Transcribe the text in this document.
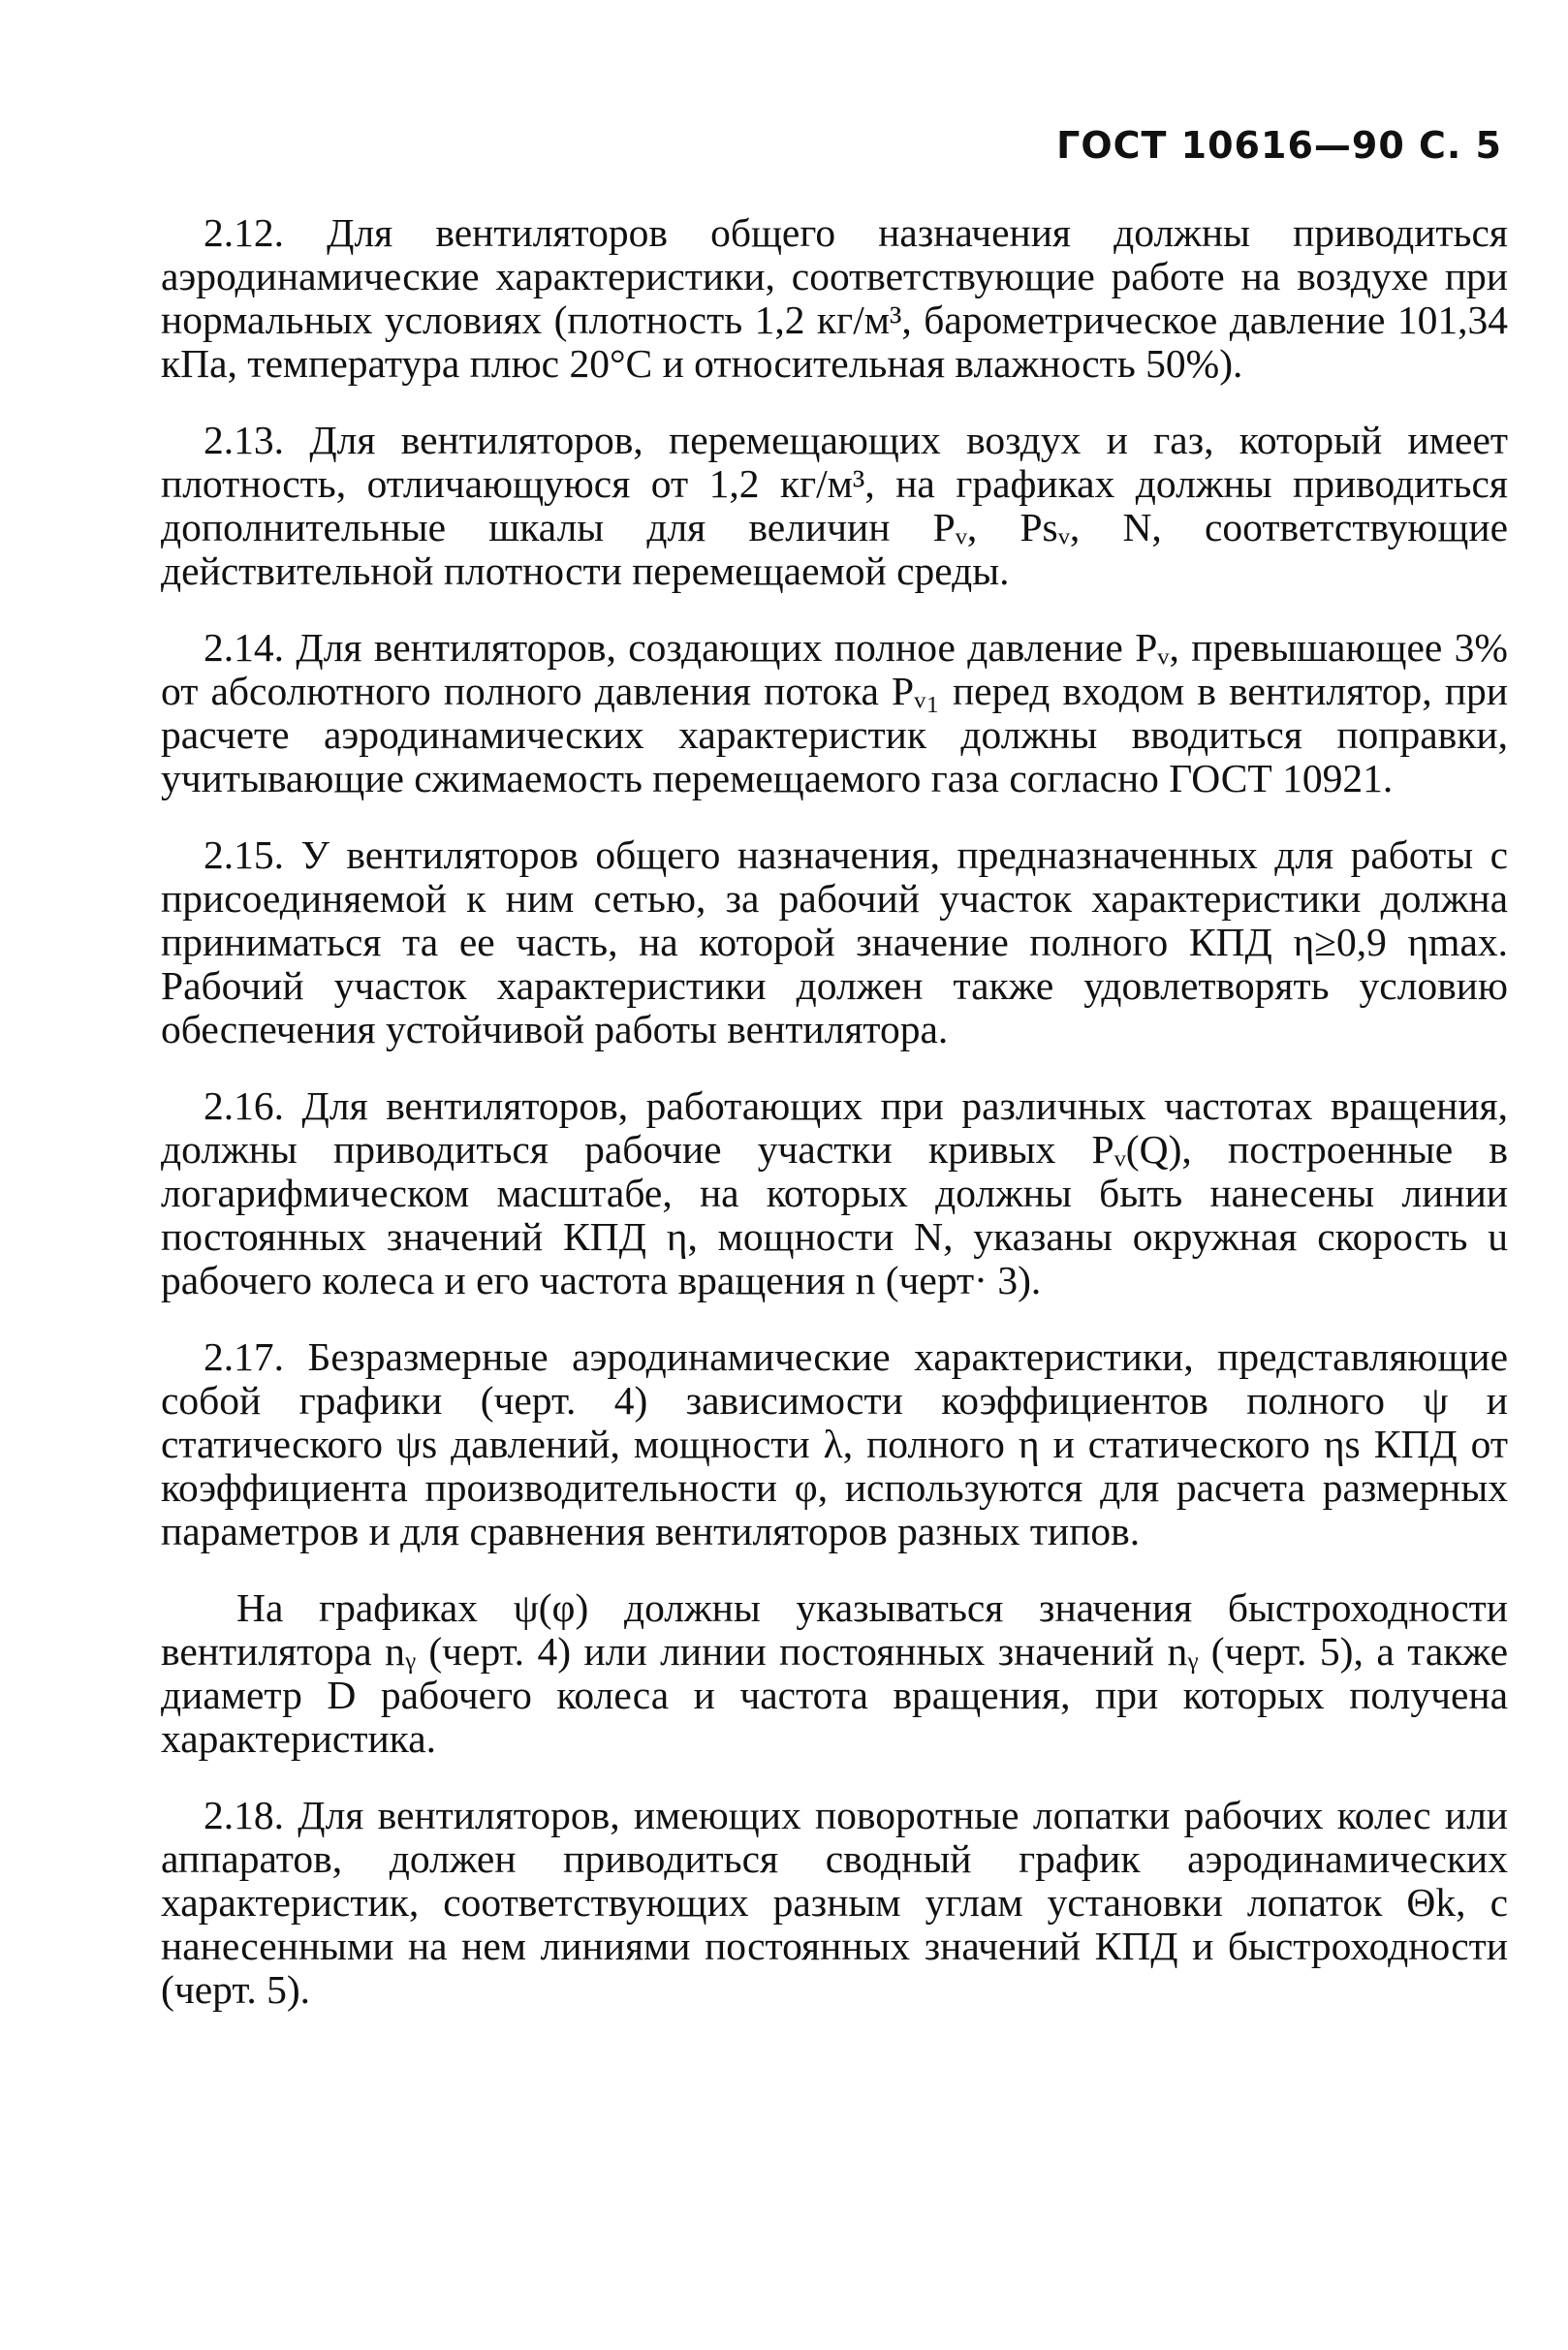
ГОСТ 10616—90 С. 5

2.12. Для вентиляторов общего назначения должны приводиться аэродинамические характеристики, соответствующие работе на воздухе при нормальных условиях (плотность 1,2 кг/м³, барометрическое давление 101,34 кПа, температура плюс 20°С и относительная влажность 50%).

2.13. Для вентиляторов, перемещающих воздух и газ, который имеет плотность, отличающуюся от 1,2 кг/м³, на графиках должны приводиться дополнительные шкалы для величин Pᵥ, Psᵥ, N, соответствующие действительной плотности перемещаемой среды.

2.14. Для вентиляторов, создающих полное давление Pᵥ, превышающее 3% от абсолютного полного давления потока Pᵥ₁ перед входом в вентилятор, при расчете аэродинамических характеристик должны вводиться поправки, учитывающие сжимаемость перемещаемого газа согласно ГОСТ 10921.

2.15. У вентиляторов общего назначения, предназначенных для работы с присоединяемой к ним сетью, за рабочий участок характеристики должна приниматься та ее часть, на которой значение полного КПД η≥0,9 ηmax. Рабочий участок характеристики должен также удовлетворять условию обеспечения устойчивой работы вентилятора.

2.16. Для вентиляторов, работающих при различных частотах вращения, должны приводиться рабочие участки кривых Pᵥ(Q), построенные в логарифмическом масштабе, на которых должны быть нанесены линии постоянных значений КПД η, мощности N, указаны окружная скорость u рабочего колеса и его частота вращения n (черт· 3).

2.17. Безразмерные аэродинамические характеристики, представляющие собой графики (черт. 4) зависимости коэффициентов полного ψ и статического ψs давлений, мощности λ, полного η и статического ηs КПД от коэффициента производительности φ, используются для расчета размерных параметров и для сравнения вентиляторов разных типов.

На графиках ψ(φ) должны указываться значения быстроходности вентилятора nᵧ (черт. 4) или линии постоянных значений nᵧ (черт. 5), а также диаметр D рабочего колеса и частота вращения, при которых получена характеристика.

2.18. Для вентиляторов, имеющих поворотные лопатки рабочих колес или аппаратов, должен приводиться сводный график аэродинамических характеристик, соответствующих разным углам установки лопаток Θk, с нанесенными на нем линиями постоянных значений КПД и быстроходности (черт. 5).
